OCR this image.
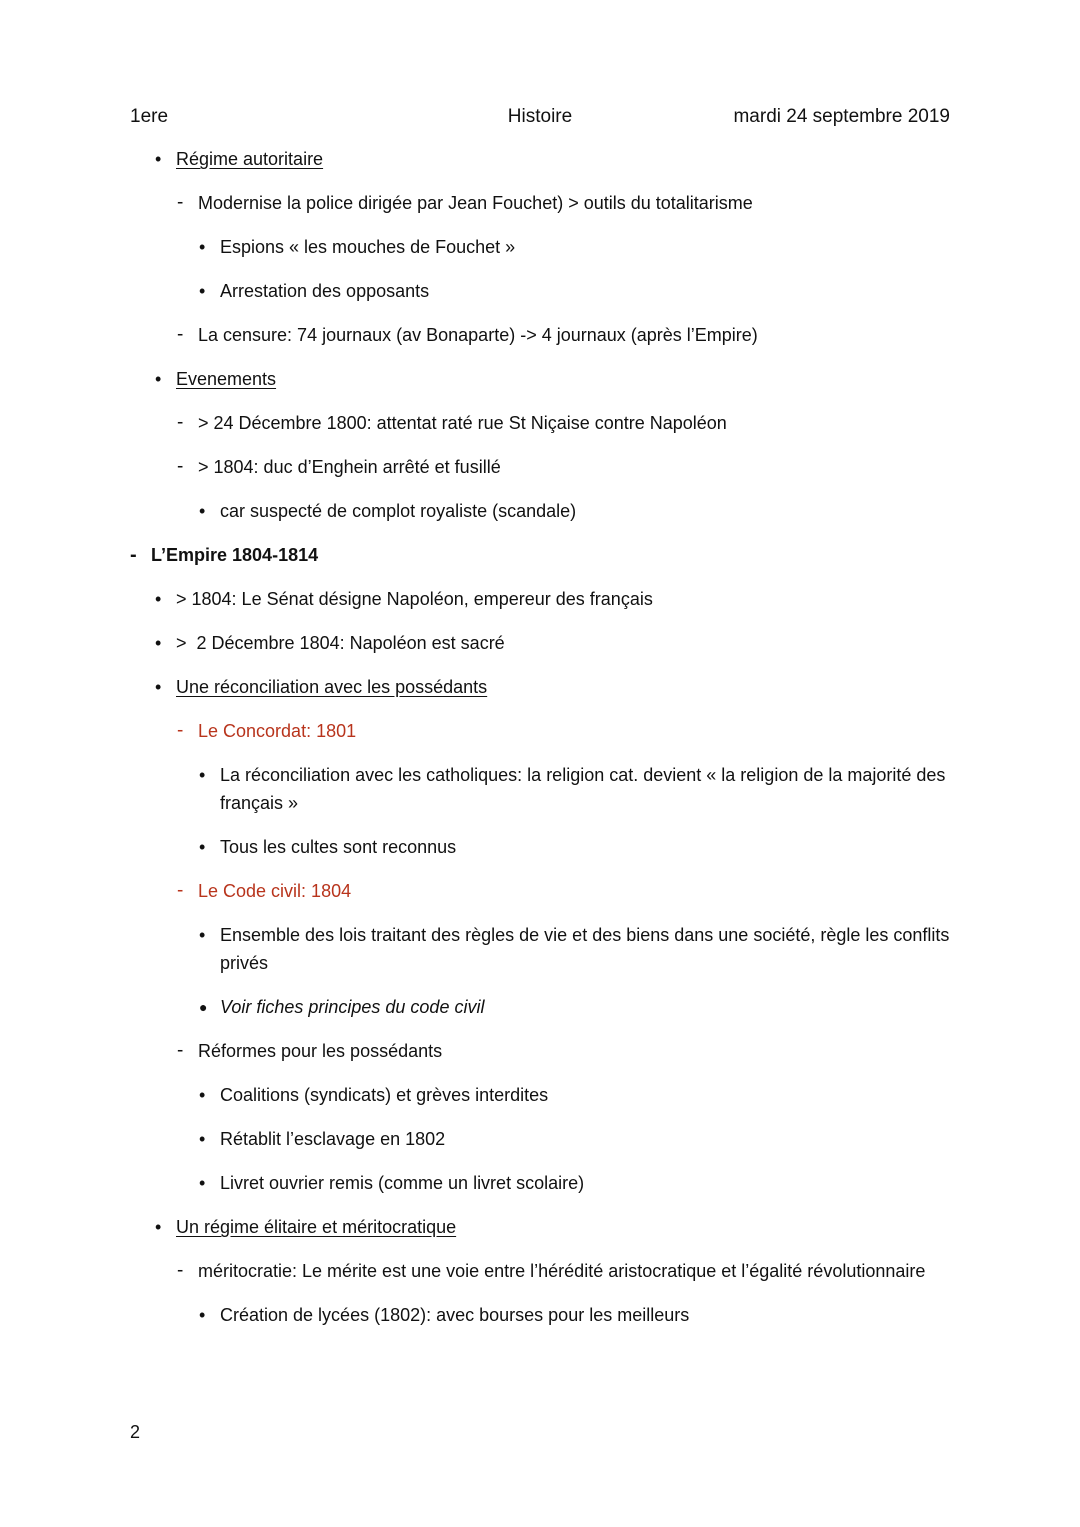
1ere	Histoire	mardi 24 septembre 2019
• Régime autoritaire
- Modernise la police dirigée par Jean Fouchet) > outils du totalitarisme
• Espions « les mouches de Fouchet »
• Arrestation des opposants
- La censure: 74 journaux (av Bonaparte) -> 4 journaux (après l’Empire)
• Evenements
- > 24 Décembre 1800: attentat raté rue St Niçaise contre Napoléon
- > 1804: duc d’Enghein arrêté et fusillé
• car suspecté de complot royaliste (scandale)
- L’Empire 1804-1814
• > 1804: Le Sénat désigne Napoléon, empereur des français
• >  2 Décembre 1804: Napoléon est sacré
• Une réconciliation avec les possédants
- Le Concordat: 1801
• La réconciliation avec les catholiques: la religion cat. devient « la religion de la majorité des français »
• Tous les cultes sont reconnus
- Le Code civil: 1804
• Ensemble des lois traitant des règles de vie et des biens dans une société, règle les conflits privés
● Voir fiches principes du code civil
- Réformes pour les possédants
• Coalitions (syndicats) et grèves interdites
• Rétablit l’esclavage en 1802
• Livret ouvrier remis (comme un livret scolaire)
• Un régime élitaire et méritocratique
- méritocratie: Le mérite est une voie entre l’hérédité aristocratique et l’égalité révolutionnaire
• Création de lycées (1802): avec bourses pour les meilleurs
2
